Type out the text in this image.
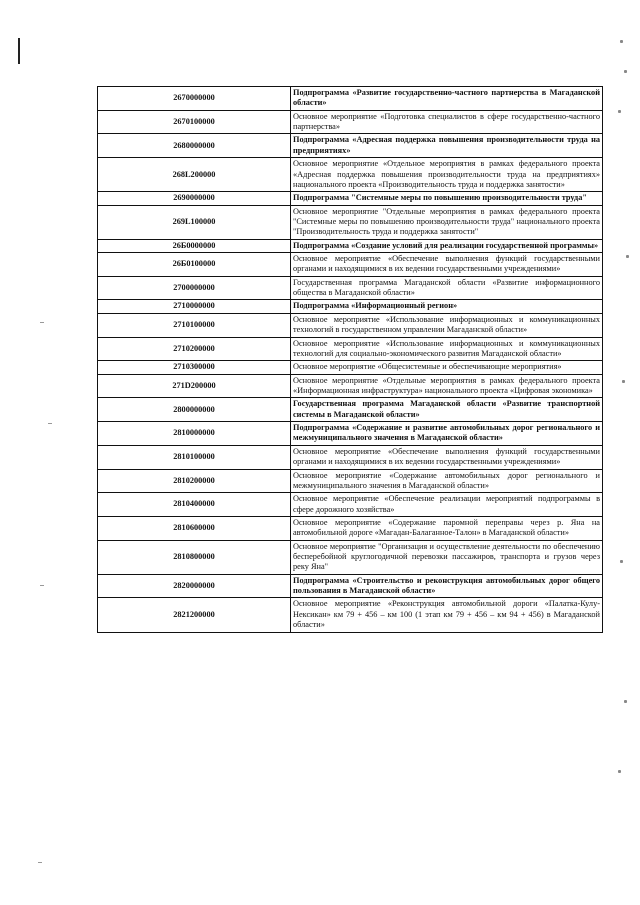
2670000000	Подпрограмма «Развитие государственно-частного партнерства в Магаданской области»
2670100000	Основное мероприятие «Подготовка специалистов в сфере государственно-частного партнерства»
2680000000	Подпрограмма «Адресная поддержка повышения производительности труда на предприятиях»
268L200000	Основное мероприятие «Отдельное мероприятия в рамках федерального проекта «Адресная поддержка повышения производительности труда на предприятиях» национального проекта «Производительность труда и поддержка занятости»
2690000000	Подпрограмма "Системные меры по повышению производительности труда"
269L100000	Основное мероприятие "Отдельные мероприятия в рамках федерального проекта "Системные меры по повышению производительности труда" национального проекта "Производительность труда и поддержка занятости"
26Б0000000	Подпрограмма «Создание условий для реализации государственной программы»
26Б0100000	Основное мероприятие «Обеспечение выполнения функций государственными органами и находящимися в их ведении государственными учреждениями»
2700000000	Государственная программа Магаданской области «Развитие информационного общества в Магаданской области»
2710000000	Подпрограмма «Информационный регион»
2710100000	Основное мероприятие «Использование информационных и коммуникационных технологий в государственном управлении Магаданской области»
2710200000	Основное мероприятие «Использование информационных и коммуникационных технологий для социально-экономического развития Магаданской области»
2710300000	Основное мероприятие «Общесистемные и обеспечивающие мероприятия»
271D200000	Основное мероприятие «Отдельные мероприятия в рамках федерального проекта «Информационная инфраструктура» национального проекта «Цифровая экономика»
2800000000	Государственная программа Магаданской области «Развитие транспортной системы в Магаданской области»
2810000000	Подпрограмма «Содержание и развитие автомобильных дорог регионального и межмуниципального значения в Магаданской области»
2810100000	Основное мероприятие «Обеспечение выполнения функций государственными органами и находящимися в их ведении государственными учреждениями»
2810200000	Основное мероприятие «Содержание автомобильных дорог регионального и межмуниципального значения в Магаданской области»
2810400000	Основное мероприятие «Обеспечение реализации мероприятий подпрограммы в сфере дорожного хозяйства»
2810600000	Основное мероприятие «Содержание паромной переправы через р. Яна на автомобильной дороге «Магадан-Балаганное-Талон» в Магаданской области»
2810800000	Основное мероприятие "Организация и осуществление деятельности по обеспечению бесперебойной круглогодичной перевозки пассажиров, транспорта и грузов через реку Яна"
2820000000	Подпрограмма «Строительство и реконструкция автомобильных дорог общего пользования в Магаданской области»
2821200000	Основное мероприятие «Реконструкция автомобильной дороги «Палатка-Кулу-Нексикан» км 79 + 456 – км 100 (1 этап км 79 + 456 – км 94 + 456) в Магаданской области»
